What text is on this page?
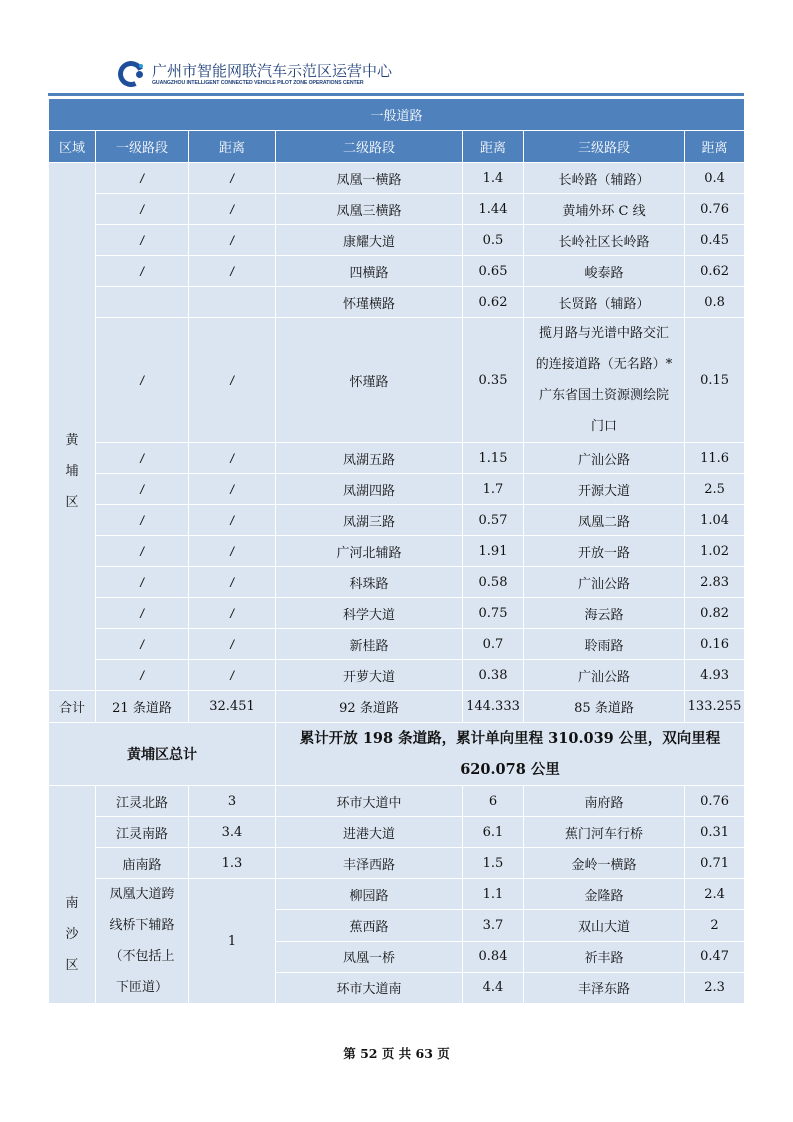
广州市智能网联汽车示范区运营中心
GUANGZHOU INTELLIGENT CONNECTED VEHICLE PILOT ZONE OPERATIONS CENTER
一般道路						
区域	一级路段	距离	二级路段	距离	三级路段	距离

黄
埔
区	/	/	凤凰一横路	1.4	长岭路（辅路）	0.4
	/	/	凤凰三横路	1.44	黄埔外环 C 线	0.76
	/	/	康耀大道	0.5	长岭社区长岭路	0.45
	/	/	四横路	0.65	峻泰路	0.62
			怀瑾横路	0.62	长贤路（辅路）	0.8
	/	/	怀瑾路	0.35	揽月路与光谱中路交汇
的连接道路（无名路）*
广东省国土资源测绘院
门口	0.15
	/	/	凤湖五路	1.15	广汕公路	11.6
	/	/	凤湖四路	1.7	开源大道	2.5
	/	/	凤湖三路	0.57	凤凰二路	1.04
	/	/	广河北辅路	1.91	开放一路	1.02
	/	/	科珠路	0.58	广汕公路	2.83
	/	/	科学大道	0.75	海云路	0.82
	/	/	新桂路	0.7	聆雨路	0.16
	/	/	开萝大道	0.38	广汕公路	4.93
合计	21 条道路	32.451	92 条道路	144.333	85 条道路	133.255
黄埔区总计			累计开放 198 条道路，累计单向里程 310.039 公里，双向里程
620.078 公里			

南
沙
区	江灵北路	3	环市大道中	6	南府路	0.76
	江灵南路	3.4	进港大道	6.1	蕉门河车行桥	0.31
	庙南路	1.3	丰泽西路	1.5	金岭一横路	0.71

	凤凰大道跨
线桥下辅路
（不包括上
下匝道）	1	柳园路	1.1	金隆路	2.4
			蕉西路	3.7	双山大道	2
			凤凰一桥	0.84	祈丰路	0.47
			环市大道南	4.4	丰泽东路	2.3
第 52 页 共 63 页
